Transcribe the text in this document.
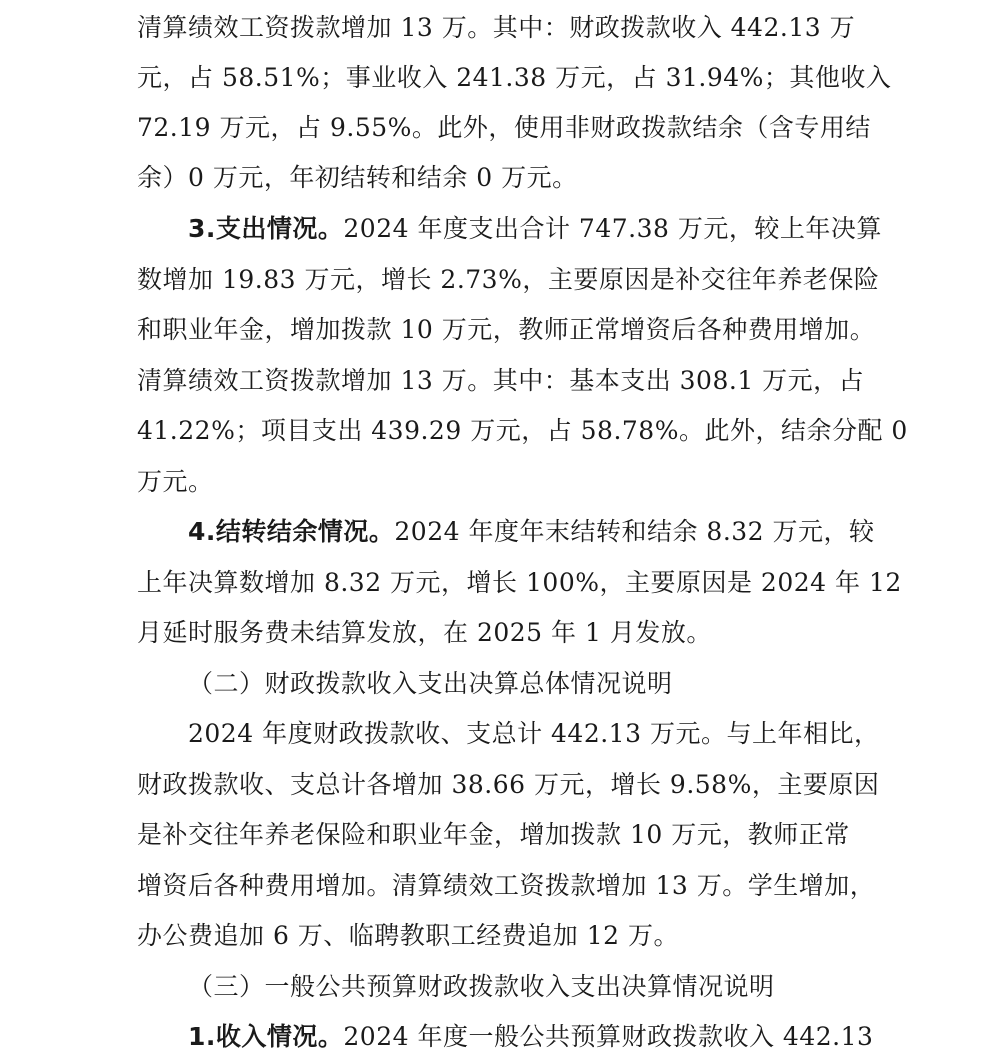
清算绩效工资拨款增加 13 万。其中：财政拨款收入 442.13 万
元，占 58.51%；事业收入 241.38 万元，占 31.94%；其他收入
72.19 万元，占 9.55%。此外，使用非财政拨款结余（含专用结
余）0 万元，年初结转和结余 0 万元。
3.支出情况。2024 年度支出合计 747.38 万元，较上年决算
数增加 19.83 万元，增长 2.73%，主要原因是补交往年养老保险
和职业年金，增加拨款 10 万元，教师正常增资后各种费用增加。
清算绩效工资拨款增加 13 万。其中：基本支出 308.1 万元，占
41.22%；项目支出 439.29 万元，占 58.78%。此外，结余分配 0
万元。
4.结转结余情况。2024 年度年末结转和结余 8.32 万元，较
上年决算数增加 8.32 万元，增长 100%，主要原因是 2024 年 12
月延时服务费未结算发放，在 2025 年 1 月发放。
（二）财政拨款收入支出决算总体情况说明
2024 年度财政拨款收、支总计 442.13 万元。与上年相比，
财政拨款收、支总计各增加 38.66 万元，增长 9.58%，主要原因
是补交往年养老保险和职业年金，增加拨款 10 万元，教师正常
增资后各种费用增加。清算绩效工资拨款增加 13 万。学生增加，
办公费追加 6 万、临聘教职工经费追加 12 万。
（三）一般公共预算财政拨款收入支出决算情况说明
1.收入情况。2024 年度一般公共预算财政拨款收入 442.13
